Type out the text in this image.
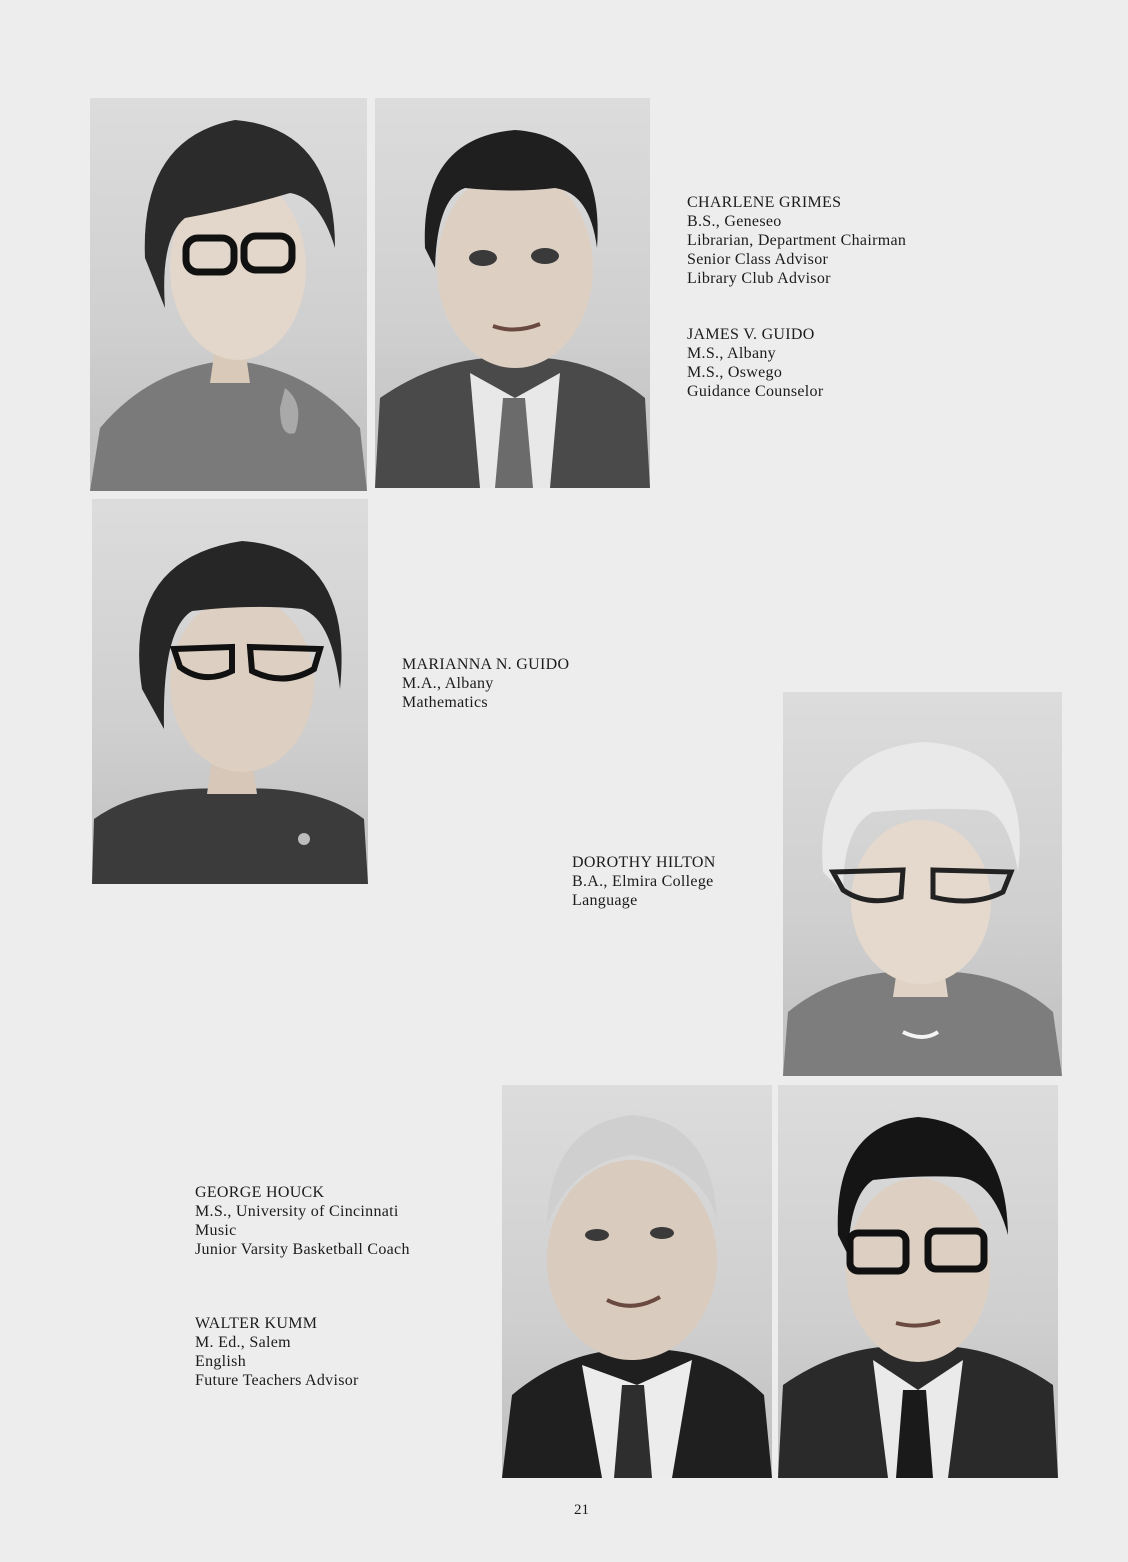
CHARLENE GRIMES
B.S., Geneseo
Librarian, Department Chairman
Senior Class Advisor
Library Club Advisor
JAMES V. GUIDO
M.S., Albany
M.S., Oswego
Guidance Counselor
MARIANNA N. GUIDO
M.A., Albany
Mathematics
DOROTHY HILTON
B.A., Elmira College
Language
GEORGE HOUCK
M.S., University of Cincinnati
Music
Junior Varsity Basketball Coach
WALTER KUMM
M. Ed., Salem
English
Future Teachers Advisor
21
